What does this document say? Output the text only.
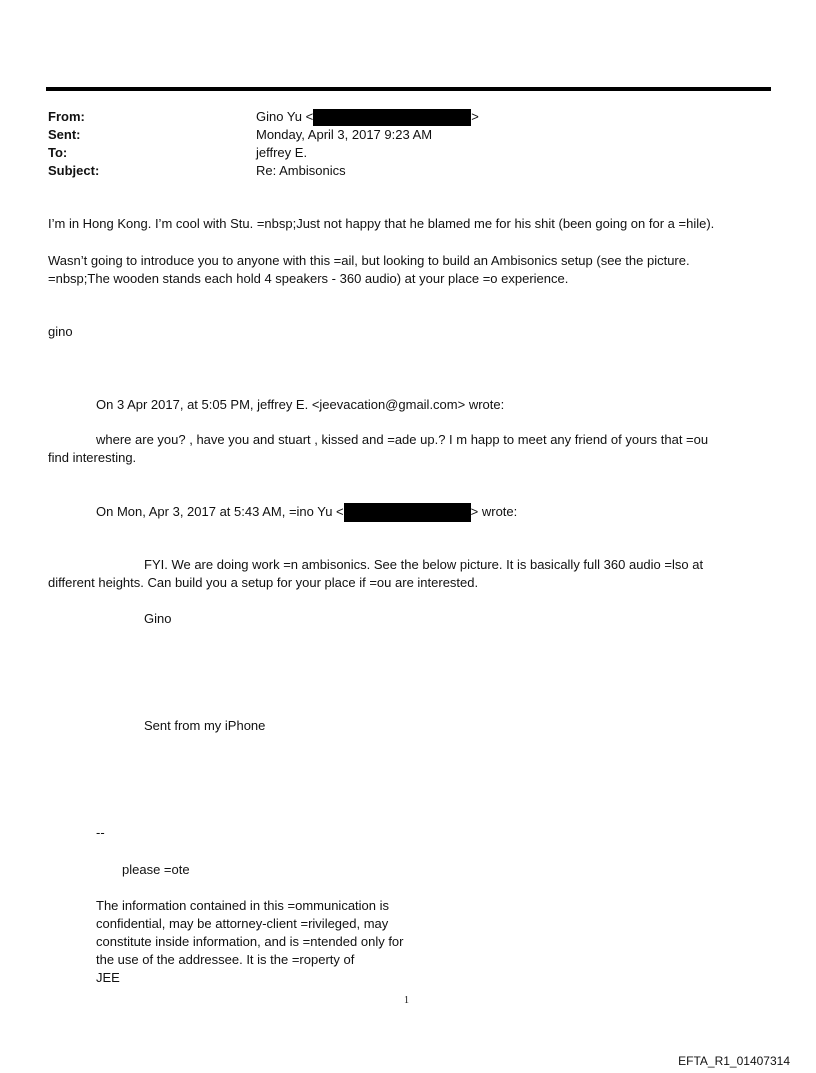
From:	Gino Yu <	>
Sent:	Monday, April 3, 2017 9:23 AM
To:	jeffrey E.
Subject:	Re: Ambisonics
I’m in Hong Kong. I’m cool with Stu. =nbsp;Just not happy that he blamed me for his shit (been going on for a =hile).
Wasn’t going to introduce you to anyone with this =ail, but looking to build an Ambisonics setup (see the picture.
=nbsp;The wooden stands each hold 4 speakers - 360 audio) at your place =o experience.
gino
On 3 Apr 2017, at 5:05 PM, jeffrey E. <jeevacation@gmail.com> wrote:
where are you? , have you and stuart , kissed and =ade up.? I m happ to meet any friend of yours that =ou
find interesting.
On Mon, Apr 3, 2017 at 5:43 AM, =ino Yu <	> wrote:
FYI. We are doing work =n ambisonics. See the below picture. It is basically full 360 audio =lso at
different heights. Can build you a setup for your place if =ou are interested.
Gino
Sent from my iPhone
--
please =ote
The information contained in this =ommunication is
confidential, may be attorney-client =rivileged, may
constitute inside information, and is =ntended only for
the use of the addressee. It is the =roperty of
JEE
1
EFTA_R1_01407314
